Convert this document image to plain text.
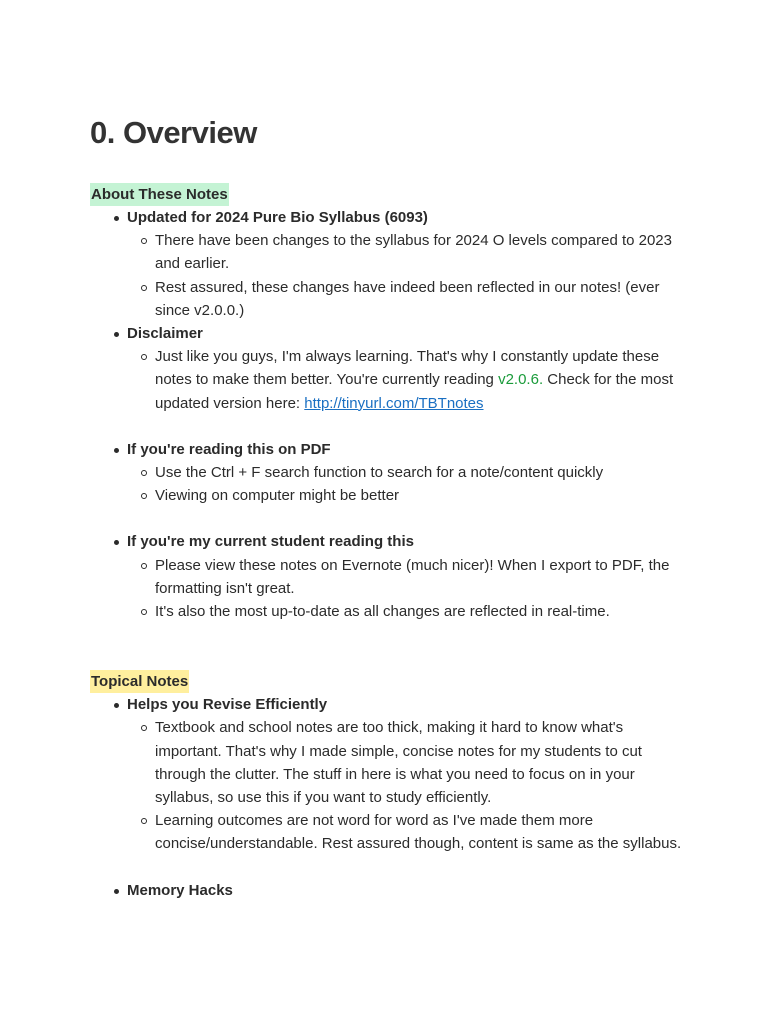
0. Overview
About These Notes
Updated for 2024 Pure Bio Syllabus (6093)
There have been changes to the syllabus for 2024 O levels compared to 2023 and earlier.
Rest assured, these changes have indeed been reflected in our notes! (ever since v2.0.0.)
Disclaimer
Just like you guys, I'm always learning. That's why I constantly update these notes to make them better. You're currently reading v2.0.6. Check for the most updated version here: http://tinyurl.com/TBTnotes
If you're reading this on PDF
Use the Ctrl + F search function to search for a note/content quickly
Viewing on computer might be better
If you're my current student reading this
Please view these notes on Evernote (much nicer)! When I export to PDF, the formatting isn't great.
It's also the most up-to-date as all changes are reflected in real-time.
Topical Notes
Helps you Revise Efficiently
Textbook and school notes are too thick, making it hard to know what's important. That's why I made simple, concise notes for my students to cut through the clutter. The stuff in here is what you need to focus on in your syllabus, so use this if you want to study efficiently.
Learning outcomes are not word for word as I've made them more concise/understandable. Rest assured though, content is same as the syllabus.
Memory Hacks
